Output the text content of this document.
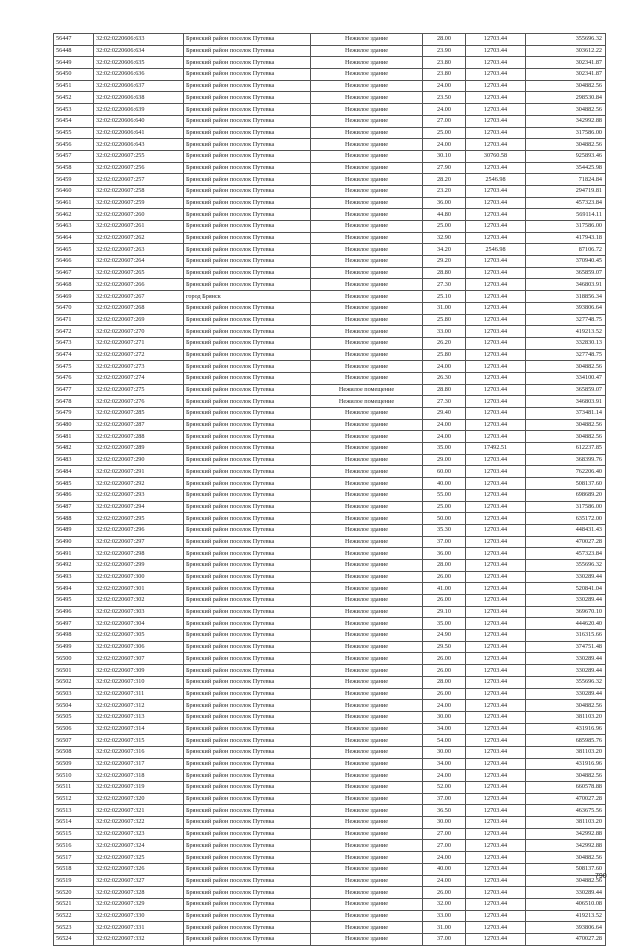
56447	32:02:0220606:633	Брянский район поселок Путевка	Нежилое здание	28.00	12703.44	355696.32
56448	32:02:0220606:634	Брянский район поселок Путевка	Нежилое здание	23.90	12703.44	303612.22
56449	32:02:0220606:635	Брянский район поселок Путевка	Нежилое здание	23.80	12703.44	302341.87
56450	32:02:0220606:636	Брянский район поселок Путевка	Нежилое здание	23.80	12703.44	302341.87
56451	32:02:0220606:637	Брянский район поселок Путевка	Нежилое здание	24.00	12703.44	304882.56
56452	32:02:0220606:638	Брянский район поселок Путевка	Нежилое здание	23.50	12703.44	298530.84
56453	32:02:0220606:639	Брянский район поселок Путевка	Нежилое здание	24.00	12703.44	304882.56
56454	32:02:0220606:640	Брянский район поселок Путевка	Нежилое здание	27.00	12703.44	342992.88
56455	32:02:0220606:641	Брянский район поселок Путевка	Нежилое здание	25.00	12703.44	317586.00
56456	32:02:0220606:643	Брянский район поселок Путевка	Нежилое здание	24.00	12703.44	304882.56
56457	32:02:0220607:255	Брянский район поселок Путевка	Нежилое здание	30.10	30760.58	925893.46
56458	32:02:0220607:256	Брянский район поселок Путевка	Нежилое здание	27.90	12703.44	354425.98
56459	32:02:0220607:257	Брянский район поселок Путевка	Нежилое здание	28.20	2546.98	71824.84
56460	32:02:0220607:258	Брянский район поселок Путевка	Нежилое здание	23.20	12703.44	294719.81
56461	32:02:0220607:259	Брянский район поселок Путевка	Нежилое здание	36.00	12703.44	457323.84
56462	32:02:0220607:260	Брянский район поселок Путевка	Нежилое здание	44.80	12703.44	569114.11
56463	32:02:0220607:261	Брянский район поселок Путевка	Нежилое здание	25.00	12703.44	317586.00
56464	32:02:0220607:262	Брянский район поселок Путевка	Нежилое здание	32.90	12703.44	417943.18
56465	32:02:0220607:263	Брянский район поселок Путевка	Нежилое здание	34.20	2546.98	87106.72
56466	32:02:0220607:264	Брянский район поселок Путевка	Нежилое здание	29.20	12703.44	370940.45
56467	32:02:0220607:265	Брянский район поселок Путевка	Нежилое здание	28.80	12703.44	365859.07
56468	32:02:0220607:266	Брянский район поселок Путевка	Нежилое здание	27.30	12703.44	346803.91
56469	32:02:0220607:267	город Брянск	Нежилое здание	25.10	12703.44	318856.34
56470	32:02:0220607:268	Брянский район поселок Путевка	Нежилое здание	31.00	12703.44	393806.64
56471	32:02:0220607:269	Брянский район поселок Путевка	Нежилое здание	25.80	12703.44	327748.75
56472	32:02:0220607:270	Брянский район поселок Путевка	Нежилое здание	33.00	12703.44	419213.52
56473	32:02:0220607:271	Брянский район поселок Путевка	Нежилое здание	26.20	12703.44	332830.13
56474	32:02:0220607:272	Брянский район поселок Путевка	Нежилое здание	25.80	12703.44	327748.75
56475	32:02:0220607:273	Брянский район поселок Путевка	Нежилое здание	24.00	12703.44	304882.56
56476	32:02:0220607:274	Брянский район поселок Путевка	Нежилое здание	26.30	12703.44	334100.47
56477	32:02:0220607:275	Брянский район поселок Путевка	Нежилое помещение	28.80	12703.44	365859.07
56478	32:02:0220607:276	Брянский район поселок Путевка	Нежилое помещение	27.30	12703.44	346803.91
56479	32:02:0220607:285	Брянский район поселок Путевка	Нежилое здание	29.40	12703.44	373481.14
56480	32:02:0220607:287	Брянский район поселок Путевка	Нежилое здание	24.00	12703.44	304882.56
56481	32:02:0220607:288	Брянский район поселок Путевка	Нежилое здание	24.00	12703.44	304882.56
56482	32:02:0220607:289	Брянский район поселок Путевка	Нежилое здание	35.00	17492.51	612237.85
56483	32:02:0220607:290	Брянский район поселок Путевка	Нежилое здание	29.00	12703.44	368399.76
56484	32:02:0220607:291	Брянский район поселок Путевка	Нежилое здание	60.00	12703.44	762206.40
56485	32:02:0220607:292	Брянский район поселок Путевка	Нежилое здание	40.00	12703.44	508137.60
56486	32:02:0220607:293	Брянский район поселок Путевка	Нежилое здание	55.00	12703.44	698689.20
56487	32:02:0220607:294	Брянский район поселок Путевка	Нежилое здание	25.00	12703.44	317586.00
56488	32:02:0220607:295	Брянский район поселок Путевка	Нежилое здание	50.00	12703.44	635172.00
56489	32:02:0220607:296	Брянский район поселок Путевка	Нежилое здание	35.30	12703.44	448431.43
56490	32:02:0220607:297	Брянский район поселок Путевка	Нежилое здание	37.00	12703.44	470027.28
56491	32:02:0220607:298	Брянский район поселок Путевка	Нежилое здание	36.00	12703.44	457323.84
56492	32:02:0220607:299	Брянский район поселок Путевка	Нежилое здание	28.00	12703.44	355696.32
56493	32:02:0220607:300	Брянский район поселок Путевка	Нежилое здание	26.00	12703.44	330289.44
56494	32:02:0220607:301	Брянский район поселок Путевка	Нежилое здание	41.00	12703.44	520841.04
56495	32:02:0220607:302	Брянский район поселок Путевка	Нежилое здание	26.00	12703.44	330289.44
56496	32:02:0220607:303	Брянский район поселок Путевка	Нежилое здание	29.10	12703.44	369670.10
56497	32:02:0220607:304	Брянский район поселок Путевка	Нежилое здание	35.00	12703.44	444620.40
56498	32:02:0220607:305	Брянский район поселок Путевка	Нежилое здание	24.90	12703.44	316315.66
56499	32:02:0220607:306	Брянский район поселок Путевка	Нежилое здание	29.50	12703.44	374751.48
56500	32:02:0220607:307	Брянский район поселок Путевка	Нежилое здание	26.00	12703.44	330289.44
56501	32:02:0220607:309	Брянский район поселок Путевка	Нежилое здание	26.00	12703.44	330289.44
56502	32:02:0220607:310	Брянский район поселок Путевка	Нежилое здание	28.00	12703.44	355696.32
56503	32:02:0220607:311	Брянский район поселок Путевка	Нежилое здание	26.00	12703.44	330289.44
56504	32:02:0220607:312	Брянский район поселок Путевка	Нежилое здание	24.00	12703.44	304882.56
56505	32:02:0220607:313	Брянский район поселок Путевка	Нежилое здание	30.00	12703.44	381103.20
56506	32:02:0220607:314	Брянский район поселок Путевка	Нежилое здание	34.00	12703.44	431916.96
56507	32:02:0220607:315	Брянский район поселок Путевка	Нежилое здание	54.00	12703.44	685985.76
56508	32:02:0220607:316	Брянский район поселок Путевка	Нежилое здание	30.00	12703.44	381103.20
56509	32:02:0220607:317	Брянский район поселок Путевка	Нежилое здание	34.00	12703.44	431916.96
56510	32:02:0220607:318	Брянский район поселок Путевка	Нежилое здание	24.00	12703.44	304882.56
56511	32:02:0220607:319	Брянский район поселок Путевка	Нежилое здание	52.00	12703.44	660578.88
56512	32:02:0220607:320	Брянский район поселок Путевка	Нежилое здание	37.00	12703.44	470027.28
56513	32:02:0220607:321	Брянский район поселок Путевка	Нежилое здание	36.50	12703.44	463675.56
56514	32:02:0220607:322	Брянский район поселок Путевка	Нежилое здание	30.00	12703.44	381103.20
56515	32:02:0220607:323	Брянский район поселок Путевка	Нежилое здание	27.00	12703.44	342992.88
56516	32:02:0220607:324	Брянский район поселок Путевка	Нежилое здание	27.00	12703.44	342992.88
56517	32:02:0220607:325	Брянский район поселок Путевка	Нежилое здание	24.00	12703.44	304882.56
56518	32:02:0220607:326	Брянский район поселок Путевка	Нежилое здание	40.00	12703.44	508137.60
56519	32:02:0220607:327	Брянский район поселок Путевка	Нежилое здание	24.00	12703.44	304882.56
56520	32:02:0220607:328	Брянский район поселок Путевка	Нежилое здание	26.00	12703.44	330289.44
56521	32:02:0220607:329	Брянский район поселок Путевка	Нежилое здание	32.00	12703.44	406510.08
56522	32:02:0220607:330	Брянский район поселок Путевка	Нежилое здание	33.00	12703.44	419213.52
56523	32:02:0220607:331	Брянский район поселок Путевка	Нежилое здание	31.00	12703.44	393806.64
56524	32:02:0220607:332	Брянский район поселок Путевка	Нежилое здание	37.00	12703.44	470027.28
790
